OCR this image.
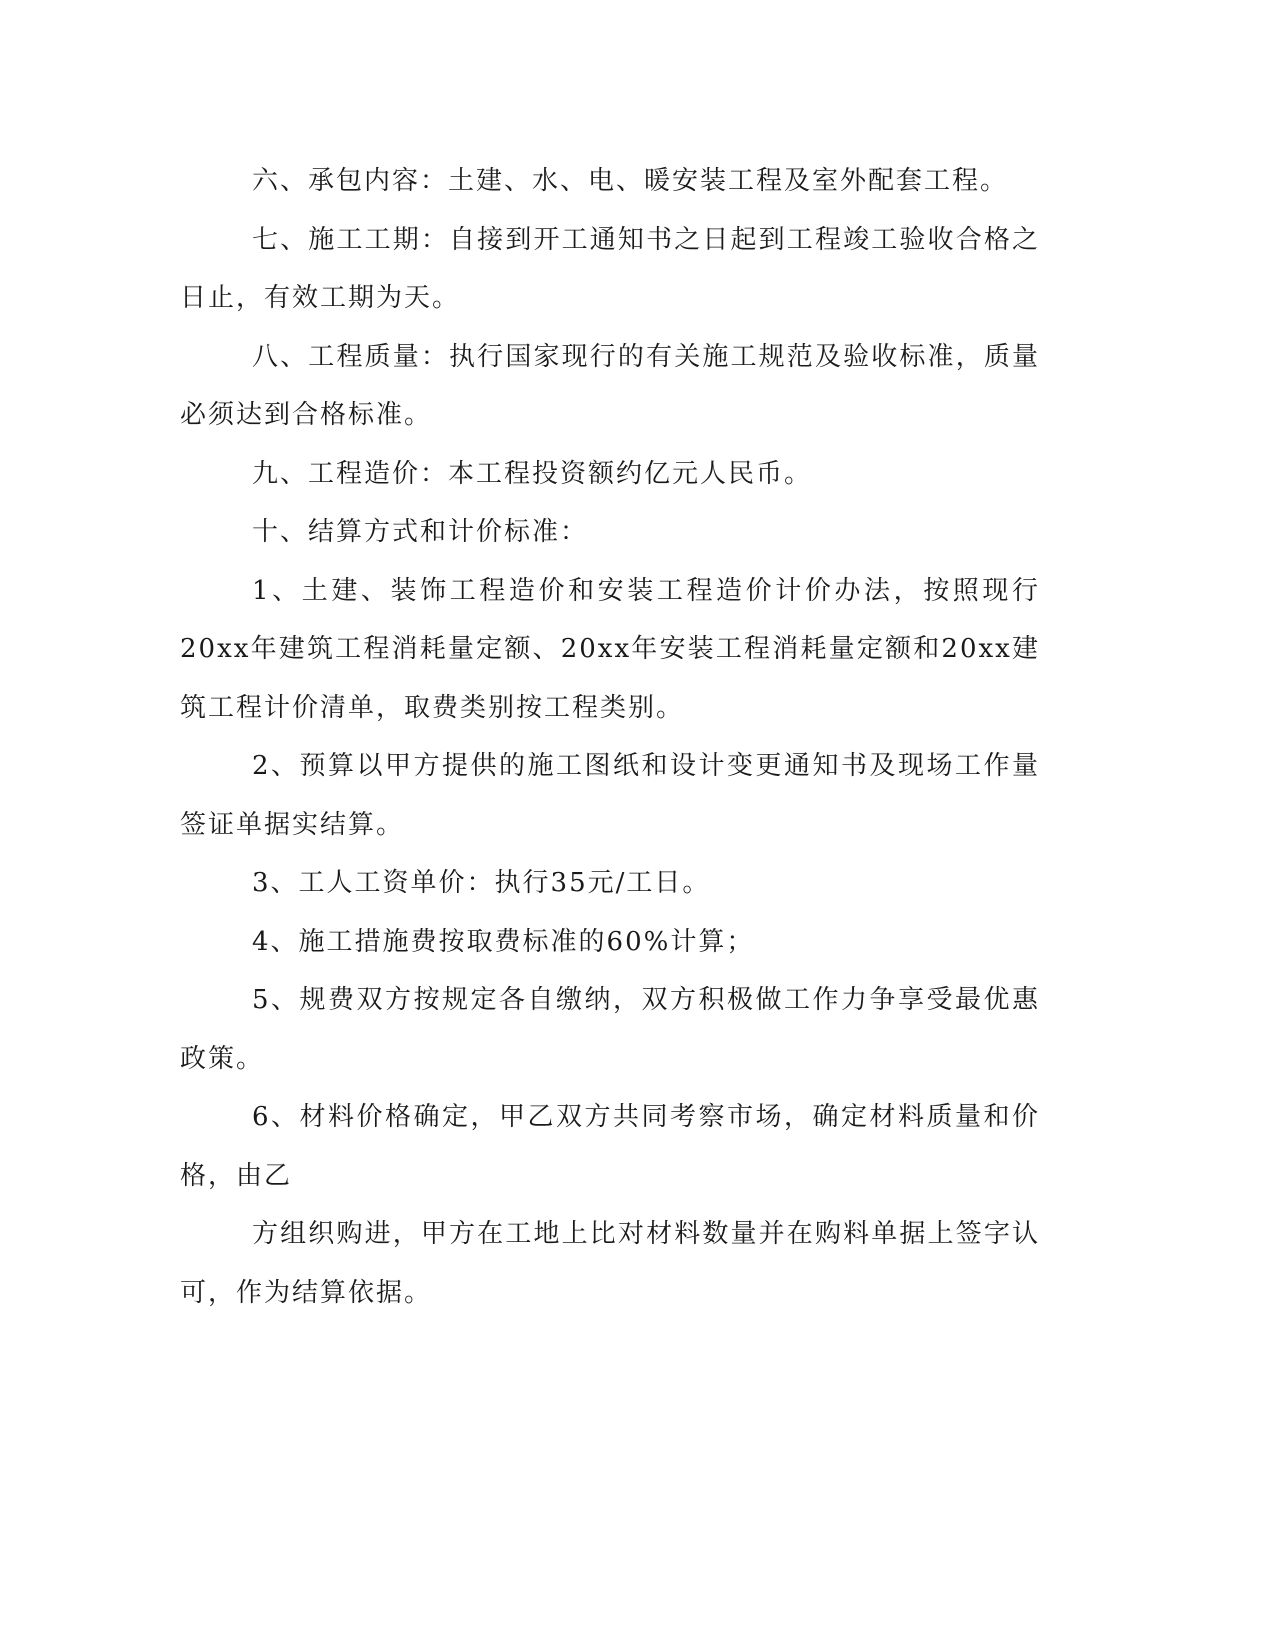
六、承包内容：土建、水、电、暖安装工程及室外配套工程。

七、施工工期：自接到开工通知书之日起到工程竣工验收合格之日止，有效工期为天。

八、工程质量：执行国家现行的有关施工规范及验收标准，质量必须达到合格标准。

九、工程造价：本工程投资额约亿元人民币。

十、结算方式和计价标准：

1、土建、装饰工程造价和安装工程造价计价办法，按照现行20xx年建筑工程消耗量定额、20xx年安装工程消耗量定额和20xx建筑工程计价清单，取费类别按工程类别。

2、预算以甲方提供的施工图纸和设计变更通知书及现场工作量签证单据实结算。

3、工人工资单价：执行35元/工日。

4、施工措施费按取费标准的60%计算；

5、规费双方按规定各自缴纳，双方积极做工作力争享受最优惠政策。

6、材料价格确定，甲乙双方共同考察市场，确定材料质量和价格，由乙

方组织购进，甲方在工地上比对材料数量并在购料单据上签字认可，作为结算依据。
